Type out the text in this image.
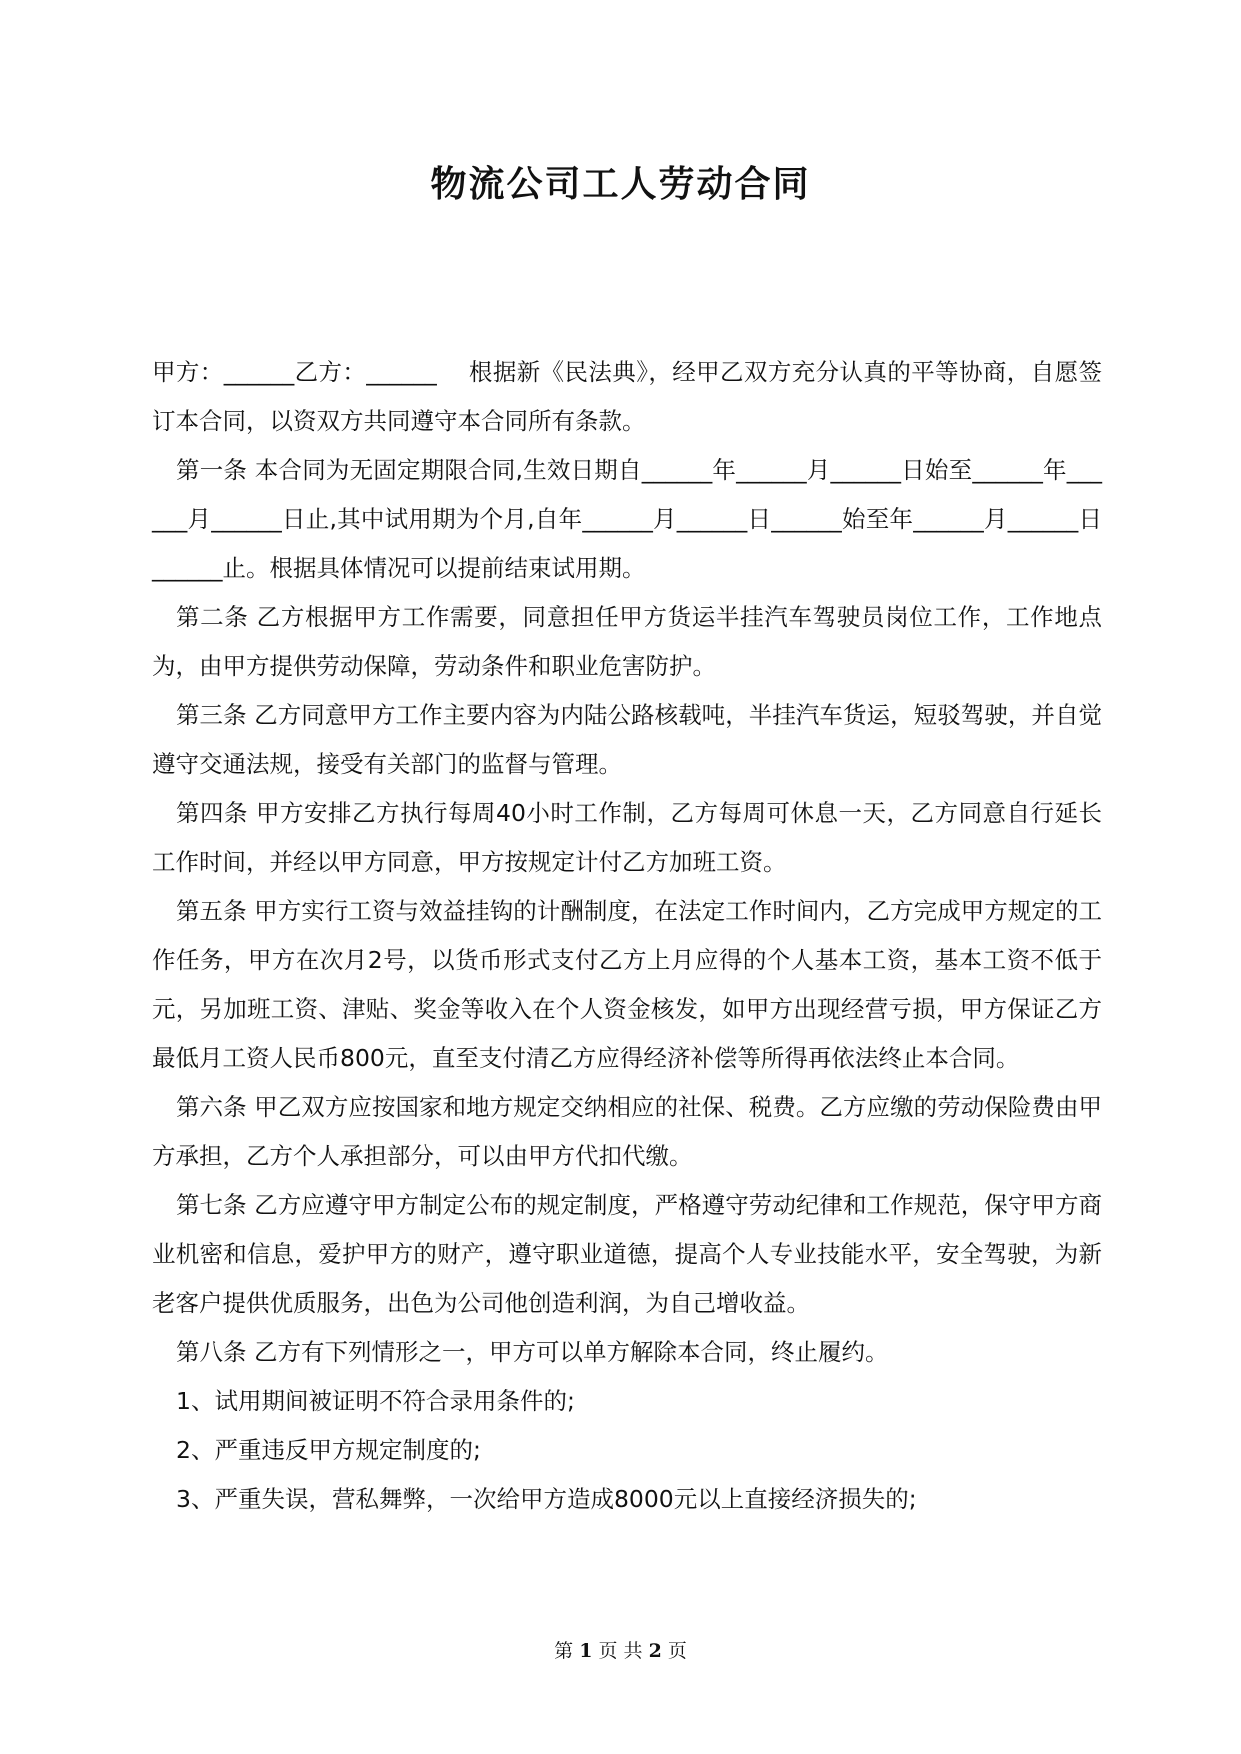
物流公司工人劳动合同

甲方：______乙方：______　 根据新《民法典》，经甲乙双方充分认真的平等协商，自愿签订本合同，以资双方共同遵守本合同所有条款。

第一条 本合同为无固定期限合同,生效日期自______年______月______日始至______年______月______日止,其中试用期为个月,自年______月______日______始至年______月______日______止。根据具体情况可以提前结束试用期。

第二条 乙方根据甲方工作需要，同意担任甲方货运半挂汽车驾驶员岗位工作，工作地点为，由甲方提供劳动保障，劳动条件和职业危害防护。

第三条 乙方同意甲方工作主要内容为内陆公路核载吨，半挂汽车货运，短驳驾驶，并自觉遵守交通法规，接受有关部门的监督与管理。

第四条 甲方安排乙方执行每周40小时工作制，乙方每周可休息一天，乙方同意自行延长工作时间，并经以甲方同意，甲方按规定计付乙方加班工资。

第五条 甲方实行工资与效益挂钩的计酬制度，在法定工作时间内，乙方完成甲方规定的工作任务，甲方在次月2号，以货币形式支付乙方上月应得的个人基本工资，基本工资不低于元，另加班工资、津贴、奖金等收入在个人资金核发，如甲方出现经营亏损，甲方保证乙方最低月工资人民币800元，直至支付清乙方应得经济补偿等所得再依法终止本合同。

第六条 甲乙双方应按国家和地方规定交纳相应的社保、税费。乙方应缴的劳动保险费由甲方承担，乙方个人承担部分，可以由甲方代扣代缴。

第七条 乙方应遵守甲方制定公布的规定制度，严格遵守劳动纪律和工作规范，保守甲方商业机密和信息，爱护甲方的财产，遵守职业道德，提高个人专业技能水平，安全驾驶，为新老客户提供优质服务，出色为公司他创造利润，为自己增收益。

第八条 乙方有下列情形之一，甲方可以单方解除本合同，终止履约。

1、试用期间被证明不符合录用条件的;

2、严重违反甲方规定制度的;

3、严重失误，营私舞弊，一次给甲方造成8000元以上直接经济损失的;

第 1 页 共 2 页
